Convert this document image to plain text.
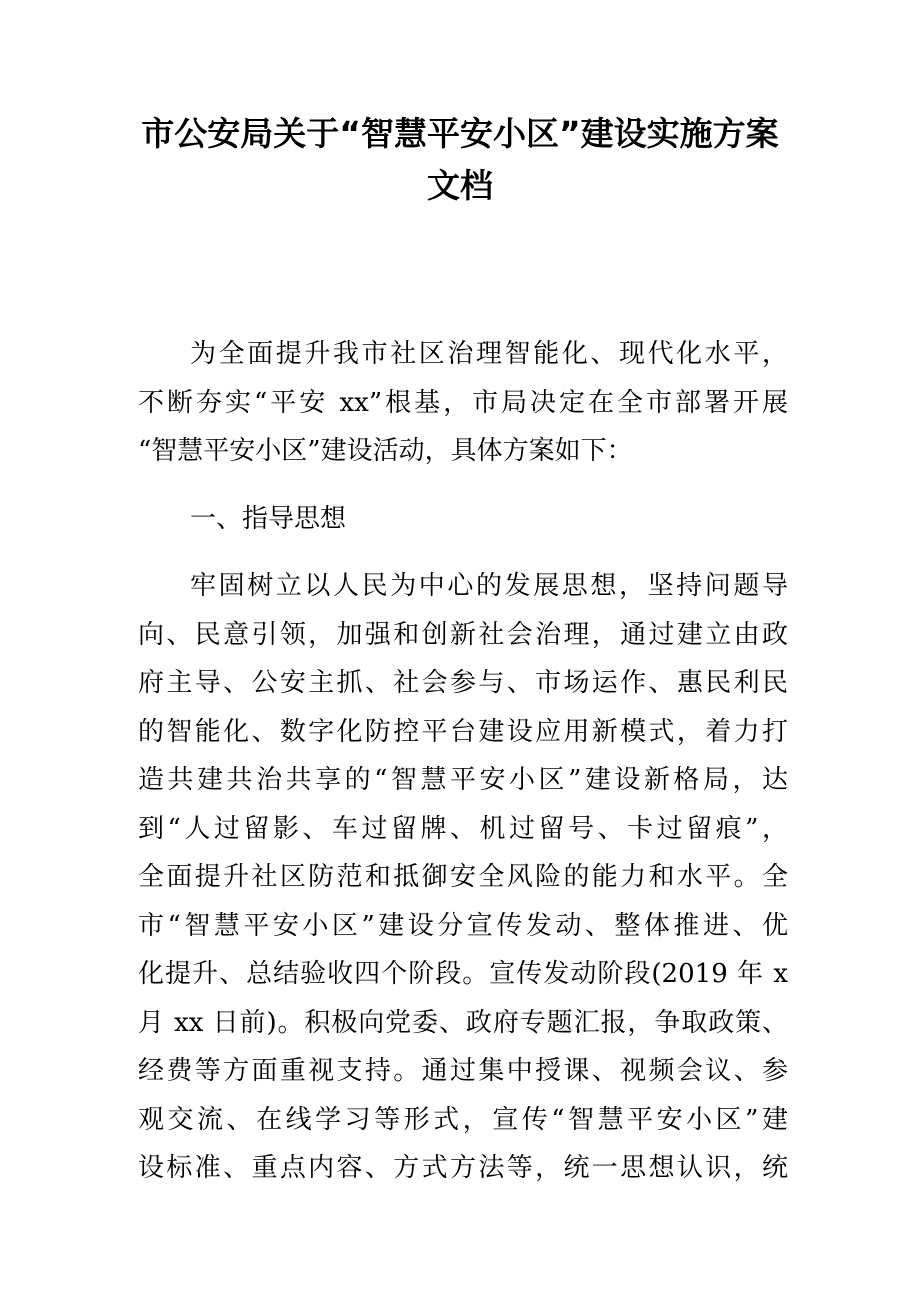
市公安局关于“智慧平安小区”建设实施方案
文档
为全面提升我市社区治理智能化、现代化水平，
不断夯实“平安 xx”根基，市局决定在全市部署开展
“智慧平安小区”建设活动，具体方案如下：
一、指导思想
牢固树立以人民为中心的发展思想，坚持问题导
向、民意引领，加强和创新社会治理，通过建立由政
府主导、公安主抓、社会参与、市场运作、惠民利民
的智能化、数字化防控平台建设应用新模式，着力打
造共建共治共享的“智慧平安小区”建设新格局，达
到“人过留影、车过留牌、机过留号、卡过留痕”，
全面提升社区防范和抵御安全风险的能力和水平。全
市“智慧平安小区”建设分宣传发动、整体推进、优
化提升、总结验收四个阶段。宣传发动阶段(2019 年 x
月 xx 日前)。积极向党委、政府专题汇报，争取政策、
经费等方面重视支持。通过集中授课、视频会议、参
观交流、在线学习等形式，宣传“智慧平安小区”建
设标准、重点内容、方式方法等，统一思想认识，统
